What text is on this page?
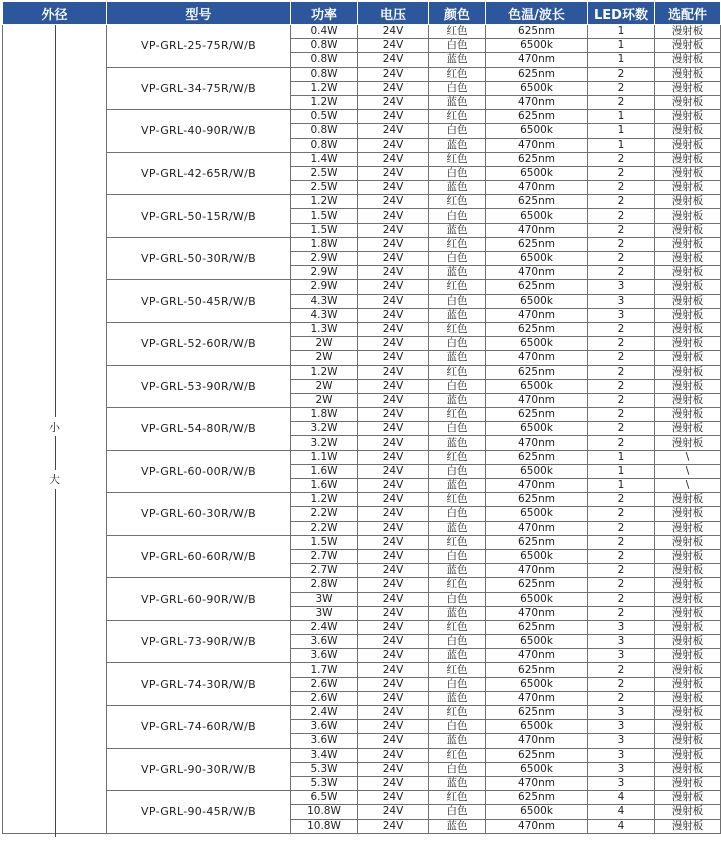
外径	型号	功率	电压	颜色	色温/波长	LED环数	选配件

小
大	VP-GRL-25-75R/W/B	0.4W	24V	红色	625nm	1	漫射板
		0.8W	24V	白色	6500k	1	漫射板
		0.8W	24V	蓝色	470nm	1	漫射板
	VP-GRL-34-75R/W/B	0.8W	24V	红色	625nm	2	漫射板
		1.2W	24V	白色	6500k	2	漫射板
		1.2W	24V	蓝色	470nm	2	漫射板
	VP-GRL-40-90R/W/B	0.5W	24V	红色	625nm	1	漫射板
		0.8W	24V	白色	6500k	1	漫射板
		0.8W	24V	蓝色	470nm	1	漫射板
	VP-GRL-42-65R/W/B	1.4W	24V	红色	625nm	2	漫射板
		2.5W	24V	白色	6500k	2	漫射板
		2.5W	24V	蓝色	470nm	2	漫射板
	VP-GRL-50-15R/W/B	1.2W	24V	红色	625nm	2	漫射板
		1.5W	24V	白色	6500k	2	漫射板
		1.5W	24V	蓝色	470nm	2	漫射板
	VP-GRL-50-30R/W/B	1.8W	24V	红色	625nm	2	漫射板
		2.9W	24V	白色	6500k	2	漫射板
		2.9W	24V	蓝色	470nm	2	漫射板
	VP-GRL-50-45R/W/B	2.9W	24V	红色	625nm	3	漫射板
		4.3W	24V	白色	6500k	3	漫射板
		4.3W	24V	蓝色	470nm	3	漫射板
	VP-GRL-52-60R/W/B	1.3W	24V	红色	625nm	2	漫射板
		2W	24V	白色	6500k	2	漫射板
		2W	24V	蓝色	470nm	2	漫射板
	VP-GRL-53-90R/W/B	1.2W	24V	红色	625nm	2	漫射板
		2W	24V	白色	6500k	2	漫射板
		2W	24V	蓝色	470nm	2	漫射板
	VP-GRL-54-80R/W/B	1.8W	24V	红色	625nm	2	漫射板
		3.2W	24V	白色	6500k	2	漫射板
		3.2W	24V	蓝色	470nm	2	漫射板
	VP-GRL-60-00R/W/B	1.1W	24V	红色	625nm	1	\
		1.6W	24V	白色	6500k	1	\
		1.6W	24V	蓝色	470nm	1	\
	VP-GRL-60-30R/W/B	1.2W	24V	红色	625nm	2	漫射板
		2.2W	24V	白色	6500k	2	漫射板
		2.2W	24V	蓝色	470nm	2	漫射板
	VP-GRL-60-60R/W/B	1.5W	24V	红色	625nm	2	漫射板
		2.7W	24V	白色	6500k	2	漫射板
		2.7W	24V	蓝色	470nm	2	漫射板
	VP-GRL-60-90R/W/B	2.8W	24V	红色	625nm	2	漫射板
		3W	24V	白色	6500k	2	漫射板
		3W	24V	蓝色	470nm	2	漫射板
	VP-GRL-73-90R/W/B	2.4W	24V	红色	625nm	3	漫射板
		3.6W	24V	白色	6500k	3	漫射板
		3.6W	24V	蓝色	470nm	3	漫射板
	VP-GRL-74-30R/W/B	1.7W	24V	红色	625nm	2	漫射板
		2.6W	24V	白色	6500k	2	漫射板
		2.6W	24V	蓝色	470nm	2	漫射板
	VP-GRL-74-60R/W/B	2.4W	24V	红色	625nm	3	漫射板
		3.6W	24V	白色	6500k	3	漫射板
		3.6W	24V	蓝色	470nm	3	漫射板
	VP-GRL-90-30R/W/B	3.4W	24V	红色	625nm	3	漫射板
		5.3W	24V	白色	6500k	3	漫射板
		5.3W	24V	蓝色	470nm	3	漫射板
	VP-GRL-90-45R/W/B	6.5W	24V	红色	625nm	4	漫射板
		10.8W	24V	白色	6500k	4	漫射板
		10.8W	24V	蓝色	470nm	4	漫射板
